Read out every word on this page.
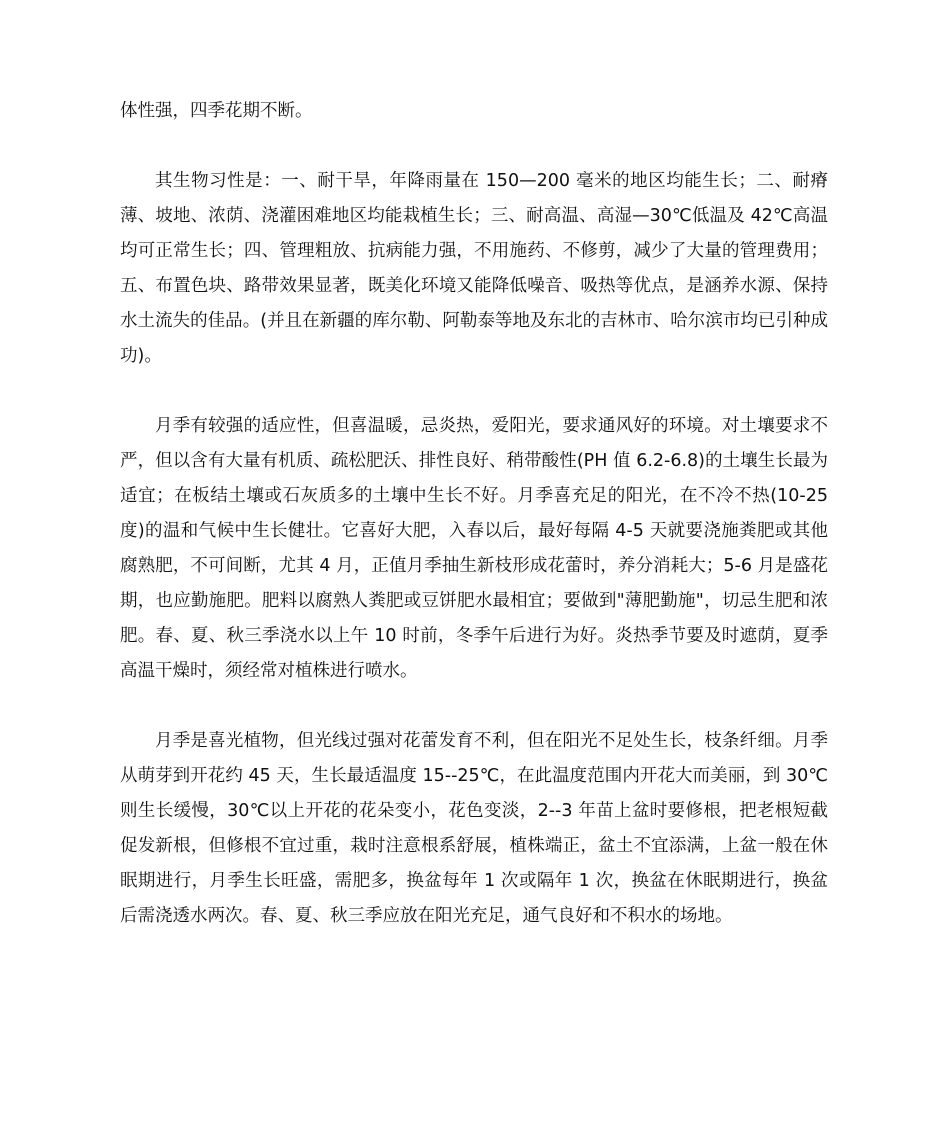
体性强，四季花期不断。

其生物习性是：一、耐干旱，年降雨量在 150—200 毫米的地区均能生长；二、耐瘠薄、坡地、浓荫、浇灌困难地区均能栽植生长；三、耐高温、高湿—30℃低温及 42℃高温均可正常生长；四、管理粗放、抗病能力强，不用施药、不修剪，减少了大量的管理费用；五、布置色块、路带效果显著，既美化环境又能降低噪音、吸热等优点，是涵养水源、保持水土流失的佳品。(并且在新疆的库尔勒、阿勒泰等地及东北的吉林市、哈尔滨市均已引种成功)。

月季有较强的适应性，但喜温暖，忌炎热，爱阳光，要求通风好的环境。对土壤要求不严，但以含有大量有机质、疏松肥沃、排性良好、稍带酸性(PH 值 6.2-6.8)的土壤生长最为适宜；在板结土壤或石灰质多的土壤中生长不好。月季喜充足的阳光，在不冷不热(10-25 度)的温和气候中生长健壮。它喜好大肥，入春以后，最好每隔 4-5 天就要浇施粪肥或其他腐熟肥，不可间断，尤其 4 月，正值月季抽生新枝形成花蕾时，养分消耗大；5-6 月是盛花期，也应勤施肥。肥料以腐熟人粪肥或豆饼肥水最相宜；要做到"薄肥勤施"，切忌生肥和浓肥。春、夏、秋三季浇水以上午 10 时前，冬季午后进行为好。炎热季节要及时遮荫，夏季高温干燥时，须经常对植株进行喷水。

月季是喜光植物，但光线过强对花蕾发育不利，但在阳光不足处生长，枝条纤细。月季从萌芽到开花约 45 天，生长最适温度 15--25℃，在此温度范围内开花大而美丽，到 30℃则生长缓慢，30℃以上开花的花朵变小，花色变淡，2--3 年苗上盆时要修根，把老根短截促发新根，但修根不宜过重，栽时注意根系舒展，植株端正，盆土不宜添满，上盆一般在休眠期进行，月季生长旺盛，需肥多，换盆每年 1 次或隔年 1 次，换盆在休眠期进行，换盆后需浇透水两次。春、夏、秋三季应放在阳光充足，通气良好和不积水的场地。
